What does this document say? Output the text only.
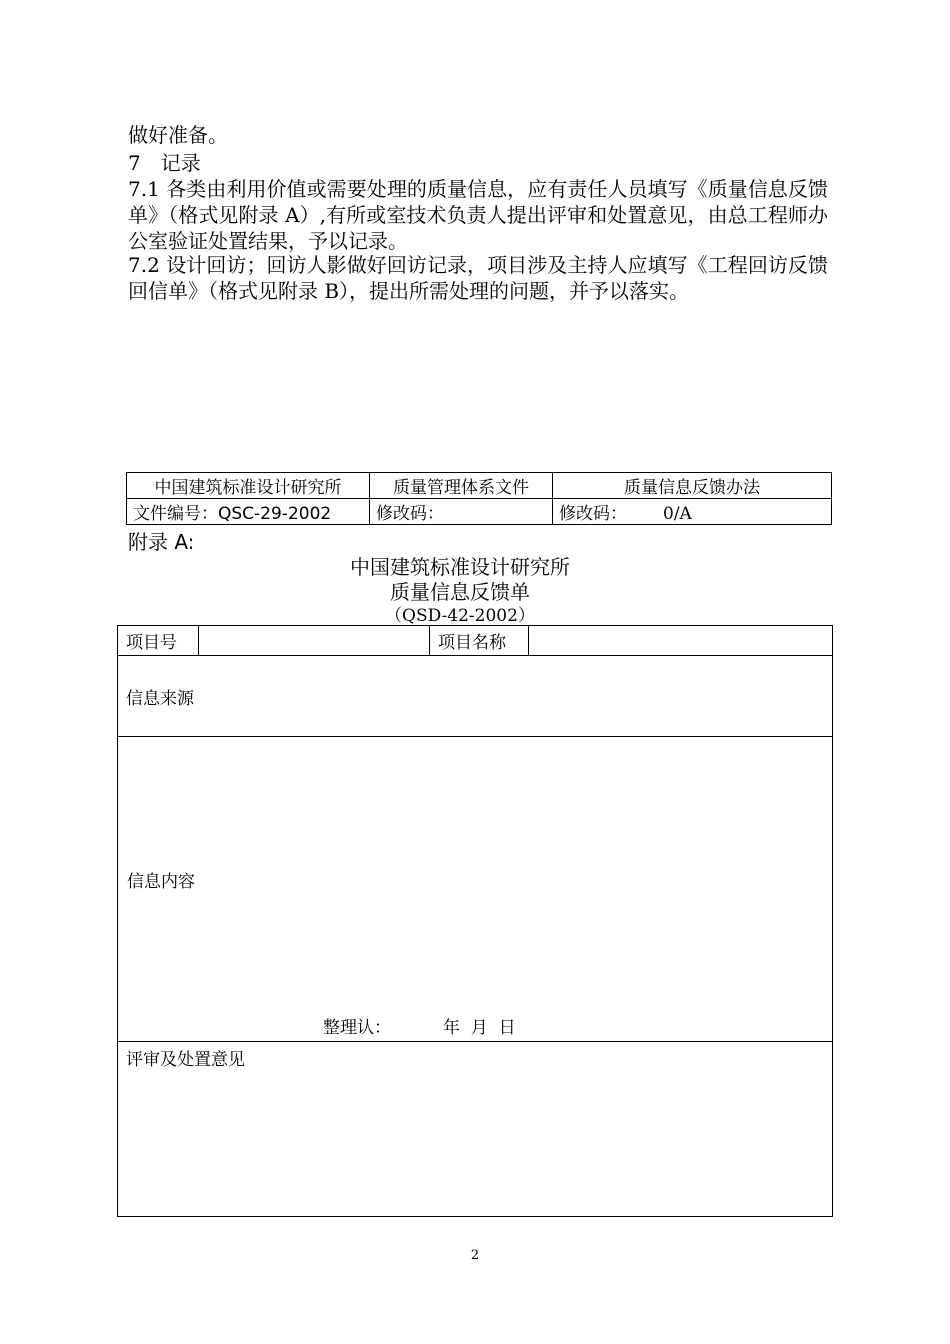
做好准备。
7　记录
7.1 各类由利用价值或需要处理的质量信息，应有责任人员填写《质量信息反馈单》（格式见附录 A）,有所或室技术负责人提出评审和处置意见，由总工程师办公室验证处置结果，予以记录。
7.2 设计回访；回访人影做好回访记录，项目涉及主持人应填写《工程回访反馈回信单》（格式见附录 B），提出所需处理的问题，并予以落实。
中国建筑标准设计研究所	质量管理体系文件	质量信息反馈办法
文件编号：QSC-29-2002	修改码：	修改码： 0/A
附录 A:
中国建筑标准设计研究所
质量信息反馈单
（QSD-42-2002）
项目号		项目名称	
信息来源

信息内容
整理认：	年  月  日

评审及处置意见
2
